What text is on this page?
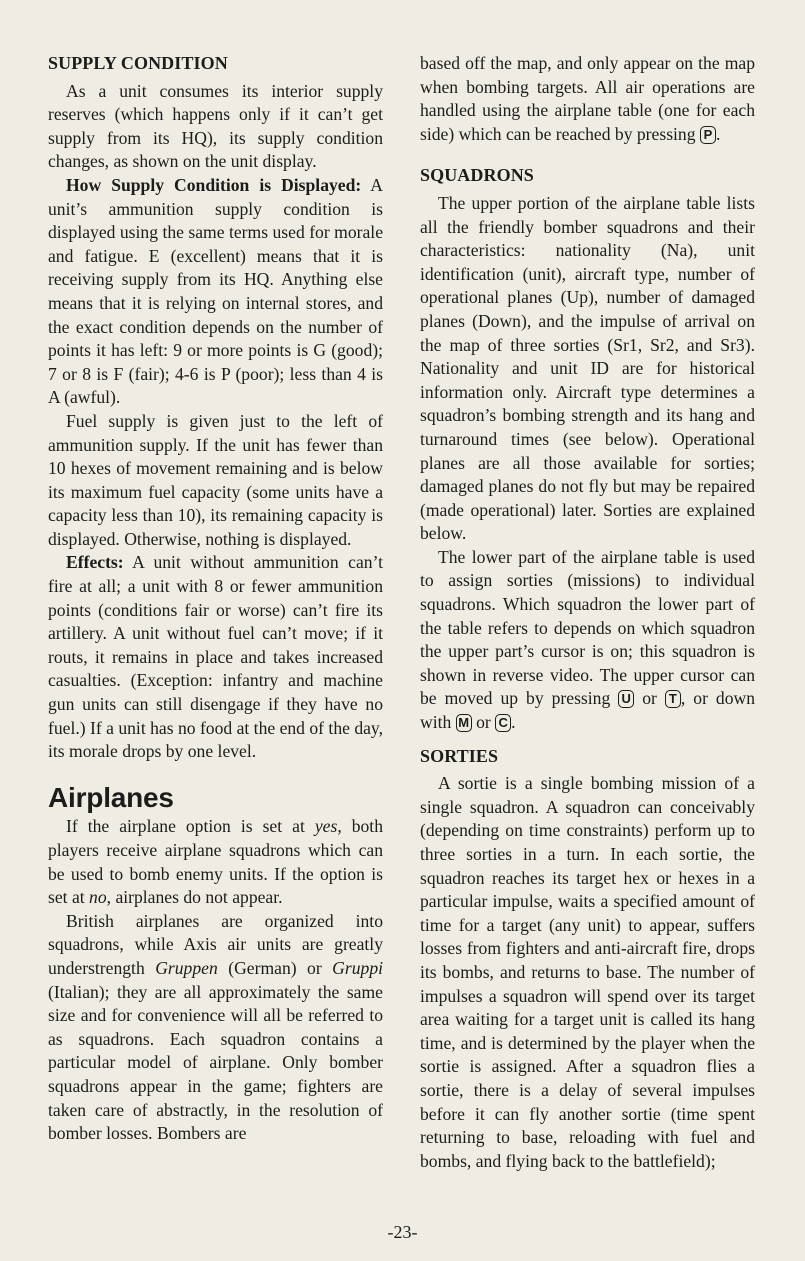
SUPPLY CONDITION

As a unit consumes its interior supply reserves (which happens only if it can’t get supply from its HQ), its supply condition changes, as shown on the unit display.

How Supply Condition is Displayed: A unit’s ammunition supply condition is displayed using the same terms used for morale and fatigue. E (excellent) means that it is receiving supply from its HQ. Anything else means that it is relying on internal stores, and the exact condition depends on the number of points it has left: 9 or more points is G (good); 7 or 8 is F (fair); 4-6 is P (poor); less than 4 is A (awful).

Fuel supply is given just to the left of ammunition supply. If the unit has fewer than 10 hexes of movement remaining and is below its maximum fuel capacity (some units have a capacity less than 10), its remaining capacity is displayed. Otherwise, nothing is displayed.

Effects: A unit without ammunition can’t fire at all; a unit with 8 or fewer ammunition points (conditions fair or worse) can’t fire its artillery. A unit without fuel can’t move; if it routs, it remains in place and takes increased casualties. (Exception: infantry and machine gun units can still disengage if they have no fuel.) If a unit has no food at the end of the day, its morale drops by one level.

Airplanes

If the airplane option is set at yes, both players receive airplane squadrons which can be used to bomb enemy units. If the option is set at no, airplanes do not appear.

British airplanes are organized into squadrons, while Axis air units are greatly understrength Gruppen (German) or Gruppi (Italian); they are all approximately the same size and for convenience will all be referred to as squadrons. Each squadron contains a particular model of airplane. Only bomber squadrons appear in the game; fighters are taken care of abstractly, in the resolution of bomber losses. Bombers are

based off the map, and only appear on the map when bombing targets. All air operations are handled using the airplane table (one for each side) which can be reached by pressing P .

SQUADRONS

The upper portion of the airplane table lists all the friendly bomber squadrons and their characteristics: nationality (Na), unit identification (unit), aircraft type, number of operational planes (Up), number of damaged planes (Down), and the impulse of arrival on the map of three sorties (Sr1, Sr2, and Sr3). Nationality and unit ID are for historical information only. Aircraft type determines a squadron’s bombing strength and its hang and turnaround times (see below). Operational planes are all those available for sorties; damaged planes do not fly but may be repaired (made operational) later. Sorties are explained below.

The lower part of the airplane table is used to assign sorties (missions) to individual squadrons. Which squadron the lower part of the table refers to depends on which squadron the upper part’s cursor is on; this squadron is shown in reverse video. The upper cursor can be moved up by pressing U or T , or down with M or C .

SORTIES

A sortie is a single bombing mission of a single squadron. A squadron can conceivably (depending on time constraints) perform up to three sorties in a turn. In each sortie, the squadron reaches its target hex or hexes in a particular impulse, waits a specified amount of time for a target (any unit) to appear, suffers losses from fighters and anti-aircraft fire, drops its bombs, and returns to base. The number of impulses a squadron will spend over its target area waiting for a target unit is called its hang time, and is determined by the player when the sortie is assigned. After a squadron flies a sortie, there is a delay of several impulses before it can fly another sortie (time spent returning to base, reloading with fuel and bombs, and flying back to the battlefield);

-23-
